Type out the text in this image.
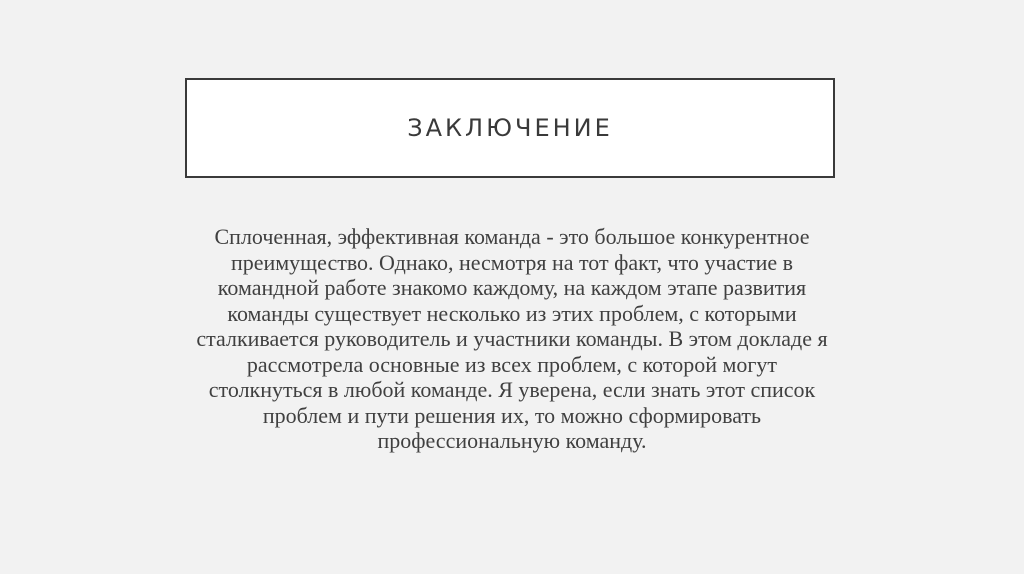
ЗАКЛЮЧЕНИЕ

Сплоченная, эффективная команда - это большое конкурентное преимущество. Однако, несмотря на тот факт, что участие в командной работе знакомо каждому, на каждом этапе развития команды существует несколько из этих проблем, с которыми сталкивается руководитель и участники команды. В этом докладе я рассмотрела основные из всех проблем, с которой могут столкнуться в любой команде. Я уверена, если знать этот список проблем и пути решения их, то можно сформировать профессиональную команду.
